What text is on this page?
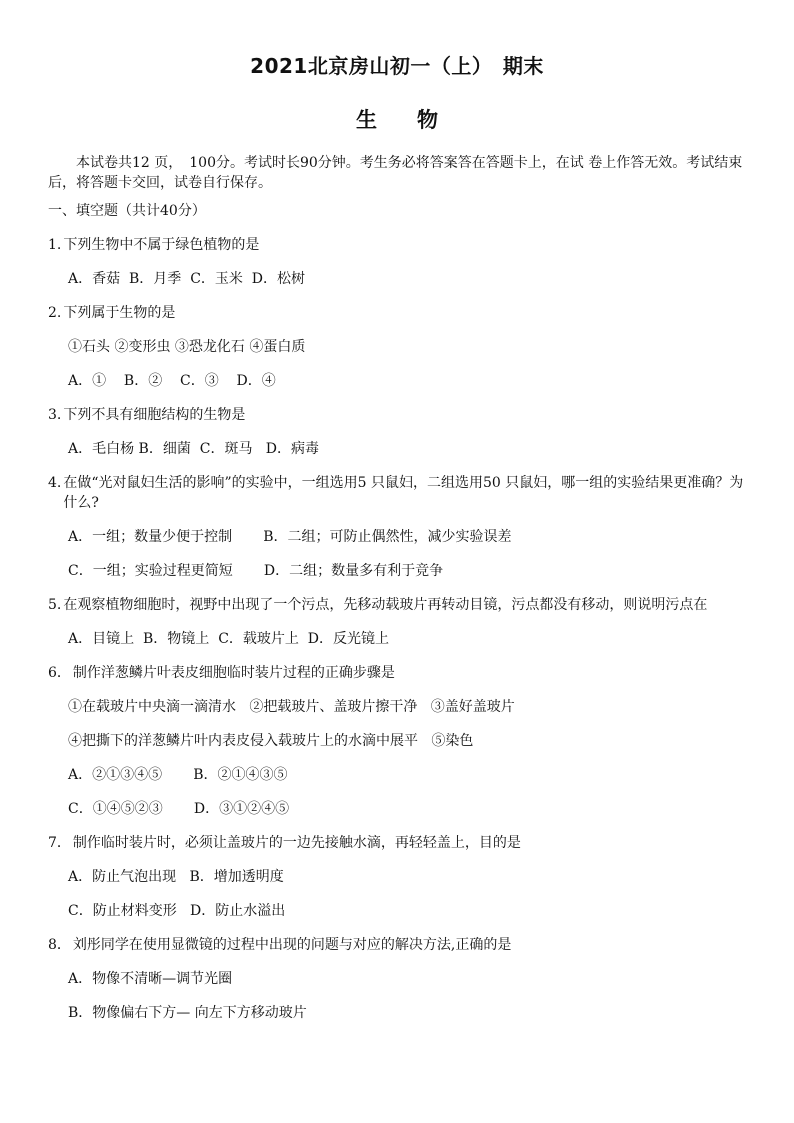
2021北京房山初一（上）　期末
生物

本试卷共12 页，　100分。考试时长90分钟。考生务必将答案答在答题卡上，在试 卷上作答无效。考试结束后，将答题卡交回，试卷自行保存。

一、填空题（共计40分）
1. 下列生物中不属于绿色植物的是
A．香菇  B．月季  C．玉米  D．松树
2. 下列属于生物的是
①石头 ②变形虫 ③恐龙化石 ④蛋白质
A．①    B．②    C．③    D．④
3. 下列不具有细胞结构的生物是
A．毛白杨 B．细菌  C．斑马   D．病毒
4. 在做“光对鼠妇生活的影响”的实验中，一组选用5 只鼠妇，二组选用50 只鼠妇，哪一组的实验结果更准确？为什么?
A．一组；数量少便于控制       B．二组；可防止偶然性，减少实验误差
C．一组；实验过程更简短       D．二组；数量多有利于竞争
5. 在观察植物细胞时，视野中出现了一个污点，先移动载玻片再转动目镜，污点都没有移动，则说明污点在
A．目镜上  B．物镜上  C．载玻片上  D．反光镜上
6． 制作洋葱鳞片叶表皮细胞临时装片过程的正确步骤是
①在载玻片中央滴一滴清水   ②把载玻片、盖玻片擦干净   ③盖好盖玻片
④把撕下的洋葱鳞片叶内表皮侵入载玻片上的水滴中展平   ⑤染色
A．②①③④⑤       B．②①④③⑤
C．①④⑤②③       D．③①②④⑤
7． 制作临时装片时，必须让盖玻片的一边先接触水滴，再轻轻盖上，目的是
A．防止气泡出现   B．增加透明度
C．防止材料变形   D．防止水溢出
8． 刘彤同学在使用显微镜的过程中出现的问题与对应的解决方法,正确的是
A．物像不清晰—调节光圈
B．物像偏右下方— 向左下方移动玻片
